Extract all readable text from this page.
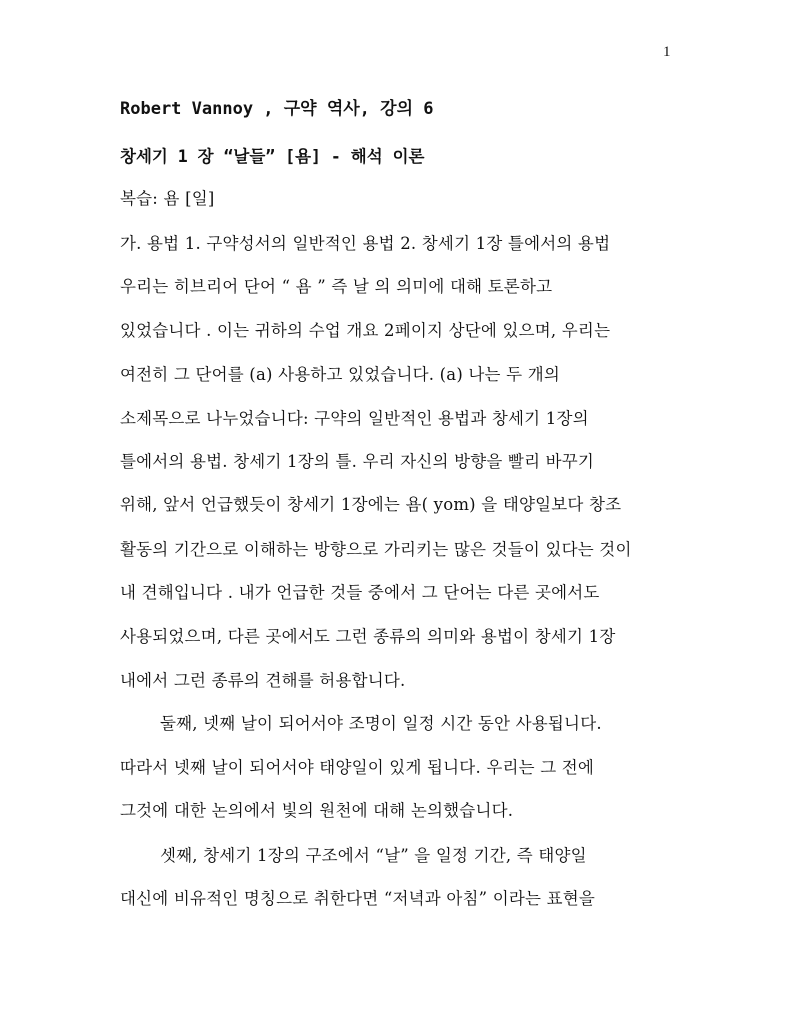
1
Robert Vannoy , 구약 역사, 강의 6
창세기 1 장 “날들” [욤] - 해석 이론
복습: 욤 [일]
가. 용법 1. 구약성서의 일반적인 용법 2. 창세기 1장 틀에서의 용법
우리는 히브리어 단어 “ 욤 ” 즉 날 의 의미에 대해 토론하고
있었습니다 . 이는 귀하의 수업 개요 2페이지 상단에 있으며, 우리는
여전히 그 단어를 (a) 사용하고 있었습니다. (a) 나는 두 개의
소제목으로 나누었습니다: 구약의 일반적인 용법과 창세기 1장의
틀에서의 용법. 창세기 1장의 틀. 우리 자신의 방향을 빨리 바꾸기
위해, 앞서 언급했듯이 창세기 1장에는 욤( yom) 을 태양일보다 창조
활동의 기간으로 이해하는 방향으로 가리키는 많은 것들이 있다는 것이
내 견해입니다 . 내가 언급한 것들 중에서 그 단어는 다른 곳에서도
사용되었으며, 다른 곳에서도 그런 종류의 의미와 용법이 창세기 1장
내에서 그런 종류의 견해를 허용합니다.
둘째, 넷째 날이 되어서야 조명이 일정 시간 동안 사용됩니다.
따라서 넷째 날이 되어서야 태양일이 있게 됩니다. 우리는 그 전에
그것에 대한 논의에서 빛의 원천에 대해 논의했습니다.
셋째, 창세기 1장의 구조에서 “날” 을 일정 기간, 즉 태양일
대신에 비유적인 명칭으로 취한다면 “저녁과 아침” 이라는 표현을
